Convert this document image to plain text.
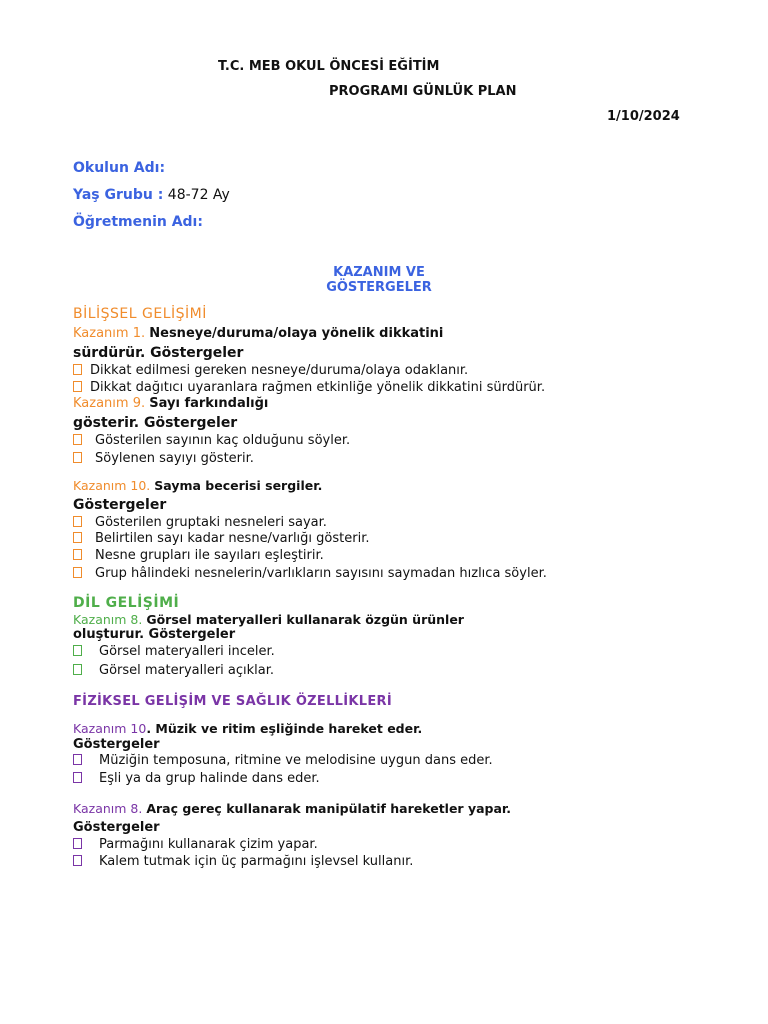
T.C. MEB OKUL ÖNCESİ EĞİTİM
PROGRAMI GÜNLÜK PLAN
1/10/2024
Okulun Adı:
Yaş Grubu : 48-72 Ay
Öğretmenin Adı:
KAZANIM VE
GÖSTERGELER
BİLİŞSEL GELİŞİMİ
Kazanım 1. Nesneye/duruma/olaya yönelik dikkatini
sürdürür. Göstergeler
Dikkat edilmesi gereken nesneye/duruma/olaya odaklanır.
Dikkat dağıtıcı uyaranlara rağmen etkinliğe yönelik dikkatini sürdürür.
Kazanım 9. Sayı farkındalığı
gösterir. Göstergeler
Gösterilen sayının kaç olduğunu söyler.
Söylenen sayıyı gösterir.
Kazanım 10. Sayma becerisi sergiler.
Göstergeler
Gösterilen gruptaki nesneleri sayar.
Belirtilen sayı kadar nesne/varlığı gösterir.
Nesne grupları ile sayıları eşleştirir.
Grup hâlindeki nesnelerin/varlıkların sayısını saymadan hızlıca söyler.
DİL GELİŞİMİ
Kazanım 8. Görsel materyalleri kullanarak özgün ürünler
oluşturur. Göstergeler
Görsel materyalleri inceler.
Görsel materyalleri açıklar.
FİZİKSEL GELİŞİM VE SAĞLIK ÖZELLİKLERİ
Kazanım 10. Müzik ve ritim eşliğinde hareket eder.
Göstergeler
Müziğin temposuna, ritmine ve melodisine uygun dans eder.
Eşli ya da grup halinde dans eder.
Kazanım 8. Araç gereç kullanarak manipülatif hareketler yapar.
Göstergeler
Parmağını kullanarak çizim yapar.
Kalem tutmak için üç parmağını işlevsel kullanır.
